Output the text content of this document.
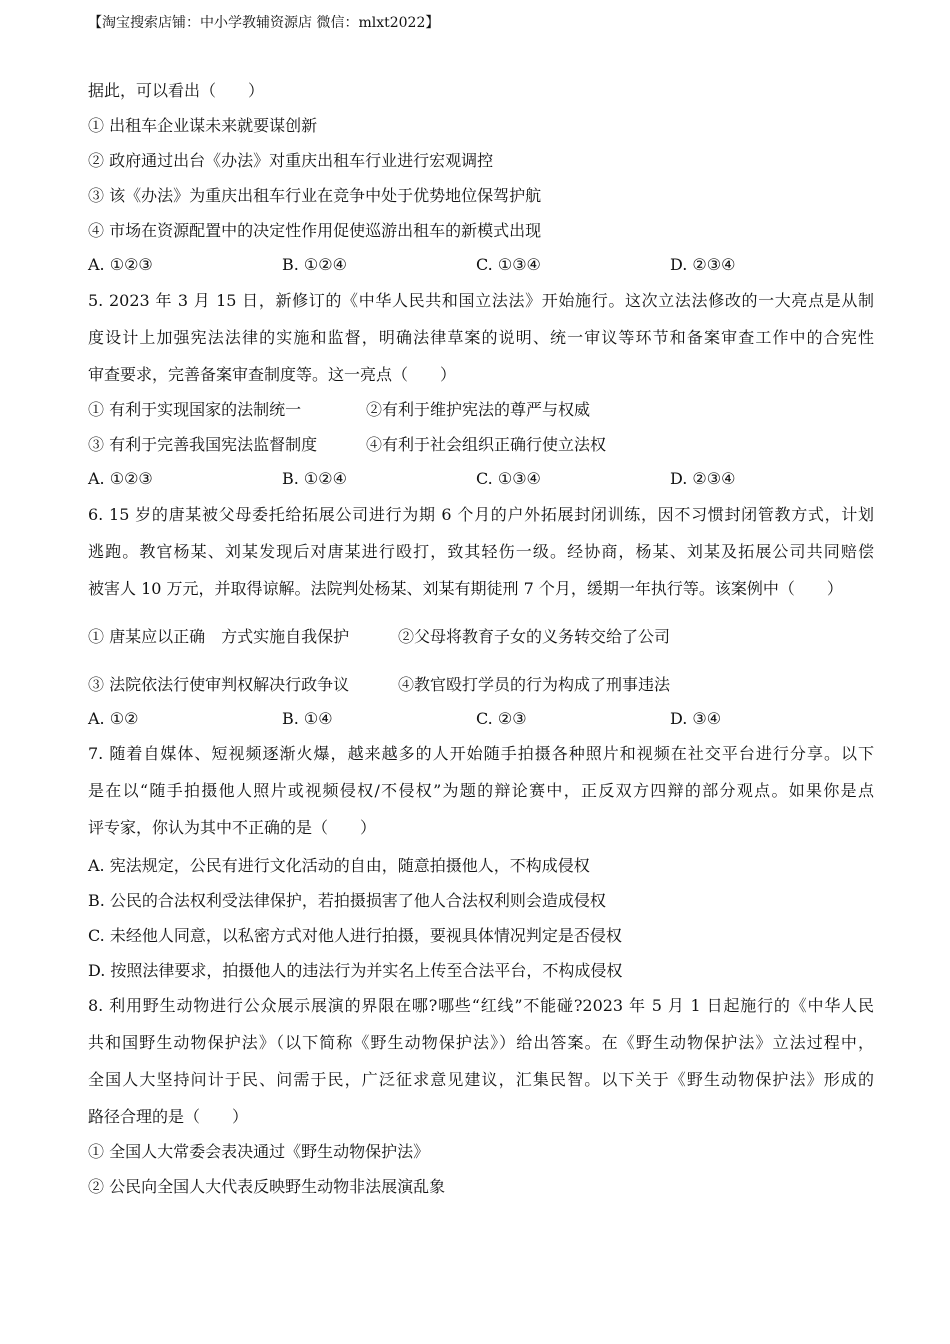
【淘宝搜索店铺：中小学教辅资源店 微信：mlxt2022】
据此，可以看出（　　）
① 出租车企业谋未来就要谋创新
② 政府通过出台《办法》对重庆出租车行业进行宏观调控
③ 该《办法》为重庆出租车行业在竞争中处于优势地位保驾护航
④ 市场在资源配置中的决定性作用促使巡游出租车的新模式出现
A. ①②③	B. ①②④	C. ①③④	D. ②③④
5. 2023 年 3 月 15 日，新修订的《中华人民共和国立法法》开始施行。这次立法法修改的一大亮点是从制
度设计上加强宪法法律的实施和监督，明确法律草案的说明、统一审议等环节和备案审查工作中的合宪性
审查要求，完善备案审查制度等。这一亮点（　　）
① 有利于实现国家的法制统一	②有利于维护宪法的尊严与权威
③ 有利于完善我国宪法监督制度	④有利于社会组织正确行使立法权
A. ①②③	B. ①②④	C. ①③④	D. ②③④
6. 15 岁的唐某被父母委托给拓展公司进行为期 6 个月的户外拓展封闭训练，因不习惯封闭管教方式，计划
逃跑。教官杨某、刘某发现后对唐某进行殴打，致其轻伤一级。经协商，杨某、刘某及拓展公司共同赔偿
被害人 10 万元，并取得谅解。法院判处杨某、刘某有期徒刑 7 个月，缓期一年执行等。该案例中（　　）
① 唐某应以正确　方式实施自我保护	②父母将教育子女的义务转交给了公司
③ 法院依法行使审判权解决行政争议	④教官殴打学员的行为构成了刑事违法
A. ①②	B. ①④	C. ②③	D. ③④
7. 随着自媒体、短视频逐渐火爆，越来越多的人开始随手拍摄各种照片和视频在社交平台进行分享。以下
是在以“随手拍摄他人照片或视频侵权/不侵权”为题的辩论赛中，正反双方四辩的部分观点。如果你是点
评专家，你认为其中不正确的是（　　）
A. 宪法规定，公民有进行文化活动的自由，随意拍摄他人，不构成侵权
B. 公民的合法权利受法律保护，若拍摄损害了他人合法权利则会造成侵权
C. 未经他人同意，以私密方式对他人进行拍摄，要视具体情况判定是否侵权
D. 按照法律要求，拍摄他人的违法行为并实名上传至合法平台，不构成侵权
8. 利用野生动物进行公众展示展演的界限在哪?哪些“红线”不能碰?2023 年 5 月 1 日起施行的《中华人民
共和国野生动物保护法》（以下简称《野生动物保护法》）给出答案。在《野生动物保护法》立法过程中，
全国人大坚持问计于民、问需于民，广泛征求意见建议，汇集民智。以下关于《野生动物保护法》形成的
路径合理的是（　　）
① 全国人大常委会表决通过《野生动物保护法》
② 公民向全国人大代表反映野生动物非法展演乱象
